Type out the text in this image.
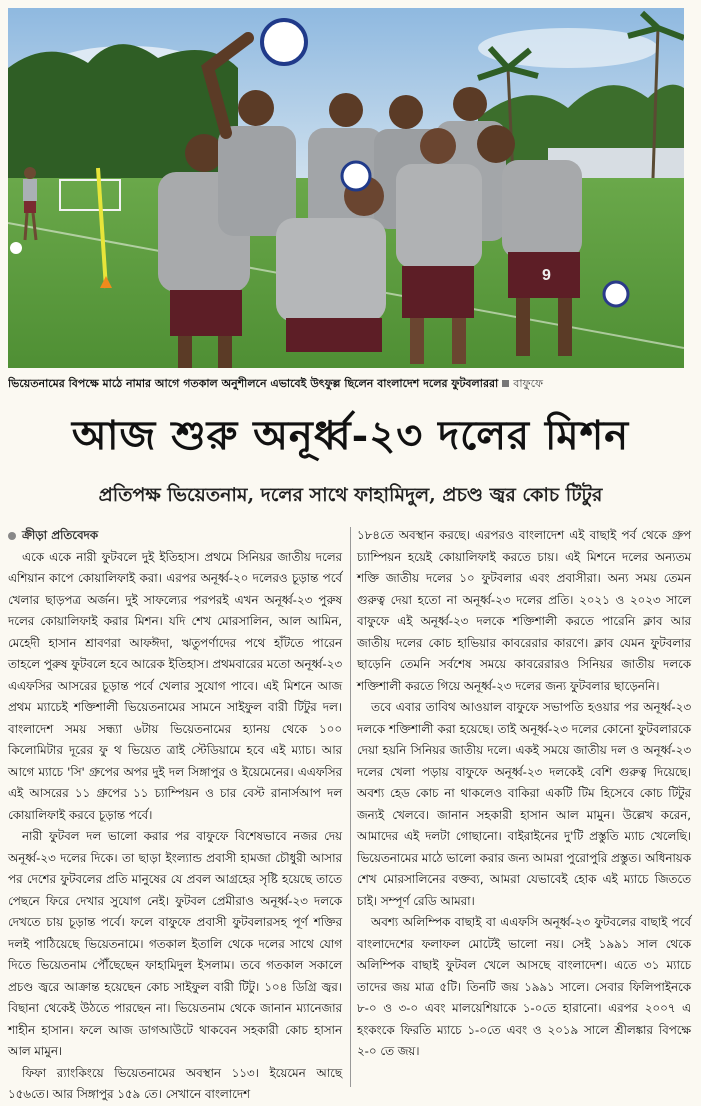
9
ভিয়েতনামের বিপক্ষে মাঠে নামার আগে গতকাল অনুশীলনে এভাবেই উৎফুল্ল ছিলেন বাংলাদেশ দলের ফুটবলাররা বাফুফে
আজ শুরু অনূর্ধ্ব-২৩ দলের মিশন
প্রতিপক্ষ ভিয়েতনাম, দলের সাথে ফাহামিদুল, প্রচণ্ড জ্বর কোচ টিটুর
ক্রীড়া প্রতিবেদক

একে একে নারী ফুটবলে দুই ইতিহাস। প্রথমে সিনিয়র জাতীয় দলের এশিয়ান কাপে কোয়ালিফাই করা। এরপর অনূর্ধ্ব-২০ দলেরও চূড়ান্ত পর্বে খেলার ছাড়পত্র অর্জন। দুই সাফল্যের পরপরই এখন অনূর্ধ্ব-২৩ পুরুষ দলের কোয়ালিফাই করার মিশন। যদি শেখ মোরসালিন, আল আমিন, মেহেদী হাসান শ্রাবণরা আফঈদা, ঋতুপর্ণাদের পথে হাঁটতে পারেন তাহলে পুরুষ ফুটবলে হবে আরেক ইতিহাস। প্রথমবারের মতো অনূর্ধ্ব-২৩ এএফসির আসরের চূড়ান্ত পর্বে খেলার সুযোগ পাবে। এই মিশনে আজ প্রথম ম্যাচেই শক্তিশালী ভিয়েতনামের সামনে সাইফুল বারী টিটুর দল। বাংলাদেশ সময় সন্ধ্যা ৬টায় ভিয়েতনামের হ্যানয় থেকে ১০০ কিলোমিটার দূরের ফু থ ভিয়েত ত্রাই স্টেডিয়ামে হবে এই ম্যাচ। আর আগে ম্যাচে 'সি' গ্রুপের অপর দুই দল সিঙ্গাপুর ও ইয়েমেনের। এএফসির এই আসরের ১১ গ্রুপের ১১ চ্যাম্পিয়ন ও চার বেস্ট রানার্সআপ দল কোয়ালিফাই করবে চূড়ান্ত পর্বে।

নারী ফুটবল দল ভালো করার পর বাফুফে বিশেষভাবে নজর দেয় অনূর্ধ্ব-২৩ দলের দিকে। তা ছাড়া ইংল্যান্ড প্রবাসী হামজা চৌধুরী আসার পর দেশের ফুটবলের প্রতি মানুষের যে প্রবল আগ্রহের সৃষ্টি হয়েছে তাতে পেছনে ফিরে দেখার সুযোগ নেই। ফুটবল প্রেমীরাও অনূর্ধ্ব-২৩ দলকে দেখতে চায় চূড়ান্ত পর্বে। ফলে বাফুফে প্রবাসী ফুটবলারসহ পূর্ণ শক্তির দলই পাঠিয়েছে ভিয়েতনামে। গতকাল ইতালি থেকে দলের সাথে যোগ দিতে ভিয়েতনাম পৌঁছেছেন ফাহামিদুল ইসলাম। তবে গতকাল সকালে প্রচণ্ড জ্বরে আক্রান্ত হয়েছেন কোচ সাইফুল বারী টিটু। ১০৪ ডিগ্রি জ্বর। বিছানা থেকেই উঠতে পারছেন না। ভিয়েতনাম থেকে জানান ম্যানেজার শাহীন হাসান। ফলে আজ ডাগআউটে থাকবেন সহকারী কোচ হাসান আল মামুন।

ফিফা র‍্যাংকিংয়ে ভিয়েতনামের অবস্থান ১১৩। ইয়েমেন আছে ১৫৬তে। আর সিঙ্গাপুর ১৫৯ তে। সেখানে বাংলাদেশ

১৮৪তে অবস্থান করছে। এরপরও বাংলাদেশ এই বাছাই পর্ব থেকে গ্রুপ চ্যাম্পিয়ন হয়েই কোয়ালিফাই করতে চায়। এই মিশনে দলের অন্যতম শক্তি জাতীয় দলের ১০ ফুটবলার এবং প্রবাসীরা। অন্য সময় তেমন গুরুত্ব দেয়া হতো না অনূর্ধ্ব-২৩ দলের প্রতি। ২০২১ ও ২০২৩ সালে বাফুফে এই অনূর্ধ্ব-২৩ দলকে শক্তিশালী করতে পারেনি ক্লাব আর জাতীয় দলের কোচ হাভিয়ার কাবরেরার কারণে। ক্লাব যেমন ফুটবলার ছাড়েনি তেমনি সর্বশেষ সময়ে কাবরেরারও সিনিয়র জাতীয় দলকে শক্তিশালী করতে গিয়ে অনূর্ধ্ব-২৩ দলের জন্য ফুটবলার ছাড়েননি।

তবে এবার তাবিথ আওয়াল বাফুফে সভাপতি হওয়ার পর অনূর্ধ্ব-২৩ দলকে শক্তিশালী করা হয়েছে। তাই অনূর্ধ্ব-২৩ দলের কোনো ফুটবলারকে দেয়া হয়নি সিনিয়র জাতীয় দলে। একই সময়ে জাতীয় দল ও অনূর্ধ্ব-২৩ দলের খেলা পড়ায় বাফুফে অনূর্ধ্ব-২৩ দলকেই বেশি গুরুত্ব দিয়েছে। অবশ্য হেড কোচ না থাকলেও বাকিরা একটি টিম হিসেবে কোচ টিটুর জন্যই খেলবে। জানান সহকারী হাসান আল মামুন। উল্লেখ করেন, আমাদের এই দলটা গোছানো। বাইরাইনের দু'টি প্রস্তুতি ম্যাচ খেলেছি। ভিয়েতনামের মাঠে ভালো করার জন্য আমরা পুরোপুরি প্রস্তুত। অধিনায়ক শেখ মোরসালিনের বক্তব্য, আমরা যেভাবেই হোক এই ম্যাচে জিততে চাই। সম্পূর্ণ রেডি আমরা।

অবশ্য অলিম্পিক বাছাই বা এএফসি অনূর্ধ্ব-২৩ ফুটবলের বাছাই পর্বে বাংলাদেশের ফলাফল মোটেই ভালো নয়। সেই ১৯৯১ সাল থেকে অলিম্পিক বাছাই ফুটবল খেলে আসছে বাংলাদেশ। এতে ৩১ ম্যাচে তাদের জয় মাত্র ৫টি। তিনটি জয় ১৯৯১ সালে। সেবার ফিলিপাইনকে ৮-০ ও ৩-০ এবং মালয়েশিয়াকে ১-০তে হারানো। এরপর ২০০৭ এ হংকংকে ফিরতি ম্যাচে ১-০তে এবং ও ২০১৯ সালে শ্রীলঙ্কার বিপক্ষে ২-০ তে জয়।
